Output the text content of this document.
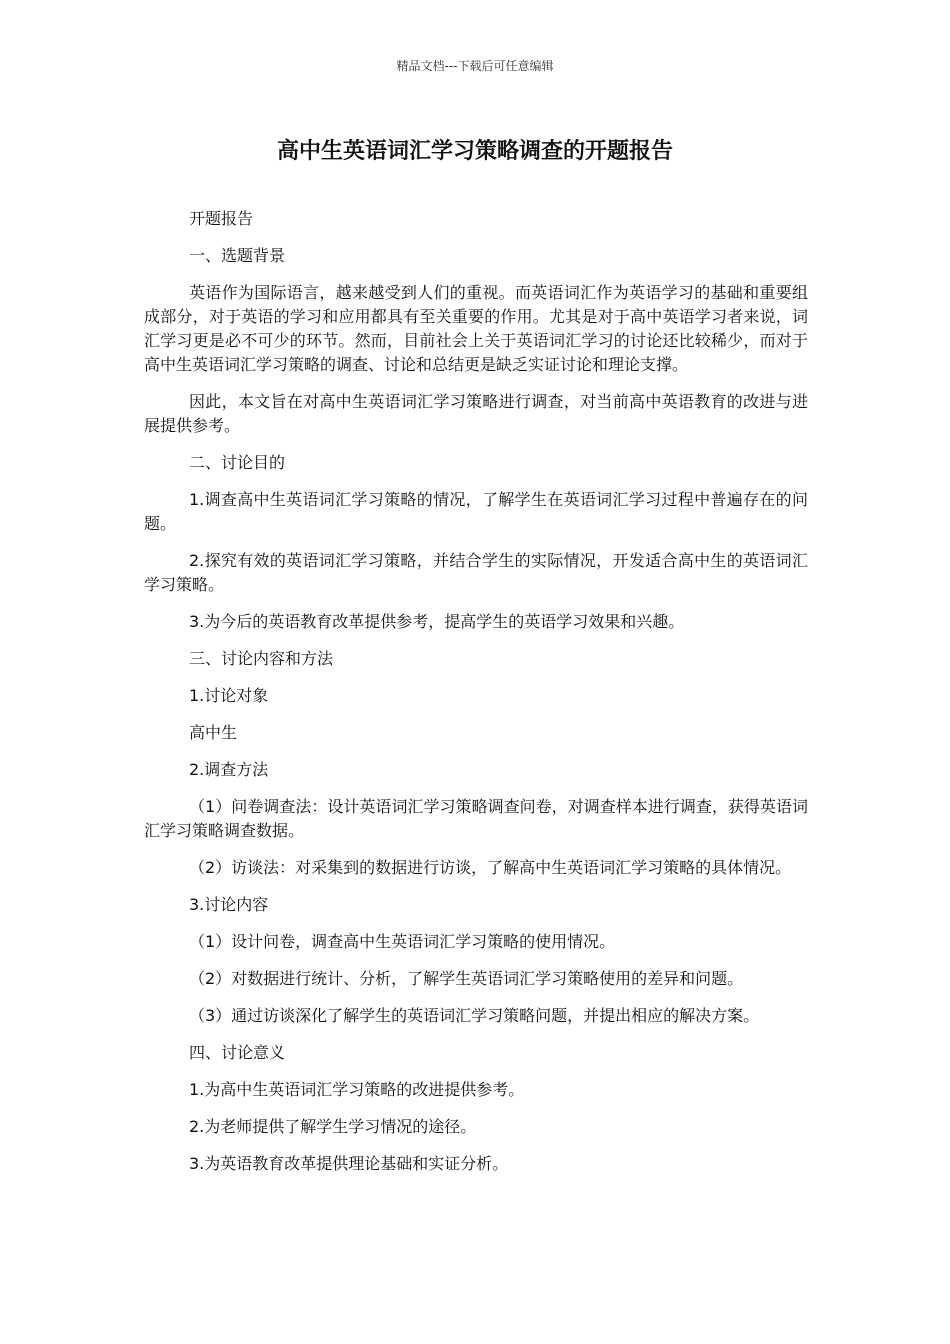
精品文档---下载后可任意编辑
高中生英语词汇学习策略调查的开题报告

开题报告

一、选题背景

英语作为国际语言，越来越受到人们的重视。而英语词汇作为英语学习的基础和重要组成部分，对于英语的学习和应用都具有至关重要的作用。尤其是对于高中英语学习者来说，词汇学习更是必不可少的环节。然而，目前社会上关于英语词汇学习的讨论还比较稀少，而对于高中生英语词汇学习策略的调查、讨论和总结更是缺乏实证讨论和理论支撑。

因此，本文旨在对高中生英语词汇学习策略进行调查，对当前高中英语教育的改进与进展提供参考。

二、讨论目的

1.调查高中生英语词汇学习策略的情况，了解学生在英语词汇学习过程中普遍存在的问题。

2.探究有效的英语词汇学习策略，并结合学生的实际情况，开发适合高中生的英语词汇学习策略。

3.为今后的英语教育改革提供参考，提高学生的英语学习效果和兴趣。

三、讨论内容和方法

1.讨论对象

高中生

2.调查方法

（1）问卷调查法：设计英语词汇学习策略调查问卷，对调查样本进行调查，获得英语词汇学习策略调查数据。

（2）访谈法：对采集到的数据进行访谈，了解高中生英语词汇学习策略的具体情况。

3.讨论内容

（1）设计问卷，调查高中生英语词汇学习策略的使用情况。

（2）对数据进行统计、分析，了解学生英语词汇学习策略使用的差异和问题。

（3）通过访谈深化了解学生的英语词汇学习策略问题，并提出相应的解决方案。

四、讨论意义

1.为高中生英语词汇学习策略的改进提供参考。

2.为老师提供了解学生学习情况的途径。

3.为英语教育改革提供理论基础和实证分析。
